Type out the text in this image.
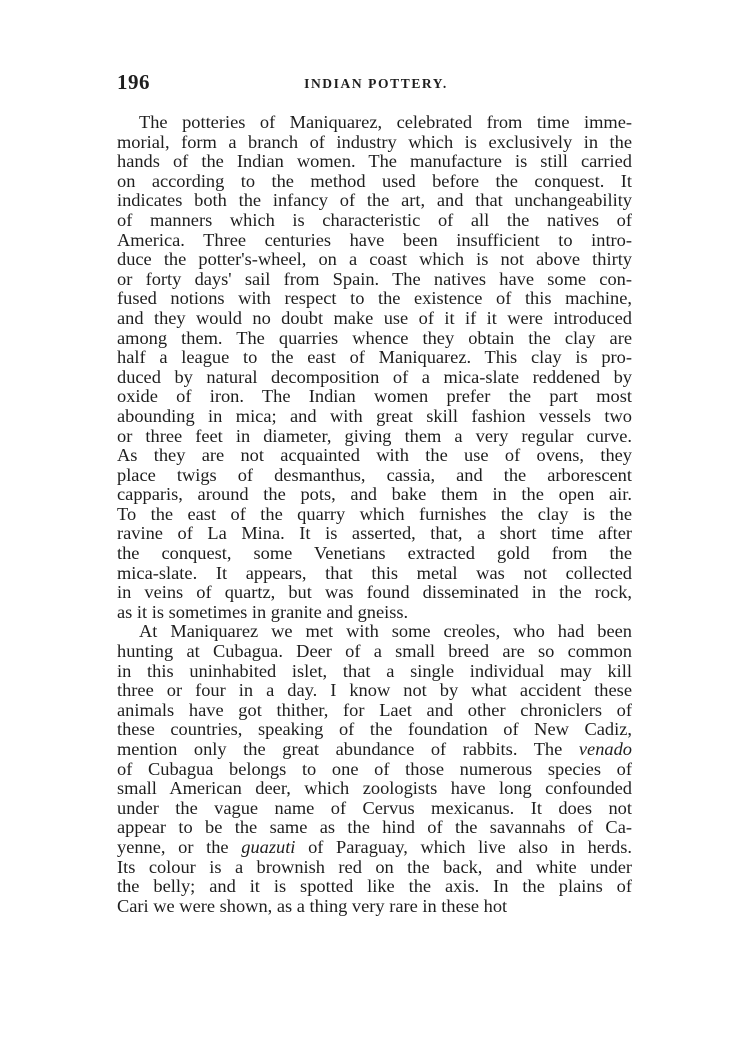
196	INDIAN POTTERY.
The potteries of Maniquarez, celebrated from time imme-
morial, form a branch of industry which is exclusively in the
hands of the Indian women. The manufacture is still carried
on according to the method used before the conquest. It
indicates both the infancy of the art, and that unchangeability
of manners which is characteristic of all the natives of
America. Three centuries have been insufficient to intro-
duce the potter's-wheel, on a coast which is not above thirty
or forty days' sail from Spain. The natives have some con-
fused notions with respect to the existence of this machine,
and they would no doubt make use of it if it were introduced
among them. The quarries whence they obtain the clay are
half a league to the east of Maniquarez. This clay is pro-
duced by natural decomposition of a mica-slate reddened by
oxide of iron. The Indian women prefer the part most
abounding in mica; and with great skill fashion vessels two
or three feet in diameter, giving them a very regular curve.
As they are not acquainted with the use of ovens, they
place twigs of desmanthus, cassia, and the arborescent
capparis, around the pots, and bake them in the open air.
To the east of the quarry which furnishes the clay is the
ravine of La Mina. It is asserted, that, a short time after
the conquest, some Venetians extracted gold from the
mica-slate. It appears, that this metal was not collected
in veins of quartz, but was found disseminated in the rock,
as it is sometimes in granite and gneiss.
At Maniquarez we met with some creoles, who had been
hunting at Cubagua. Deer of a small breed are so common
in this uninhabited islet, that a single individual may kill
three or four in a day. I know not by what accident these
animals have got thither, for Laet and other chroniclers of
these countries, speaking of the foundation of New Cadiz,
mention only the great abundance of rabbits. The venado
of Cubagua belongs to one of those numerous species of
small American deer, which zoologists have long confounded
under the vague name of Cervus mexicanus. It does not
appear to be the same as the hind of the savannahs of Ca-
yenne, or the guazuti of Paraguay, which live also in herds.
Its colour is a brownish red on the back, and white under
the belly; and it is spotted like the axis. In the plains of
Cari we were shown, as a thing very rare in these hot
